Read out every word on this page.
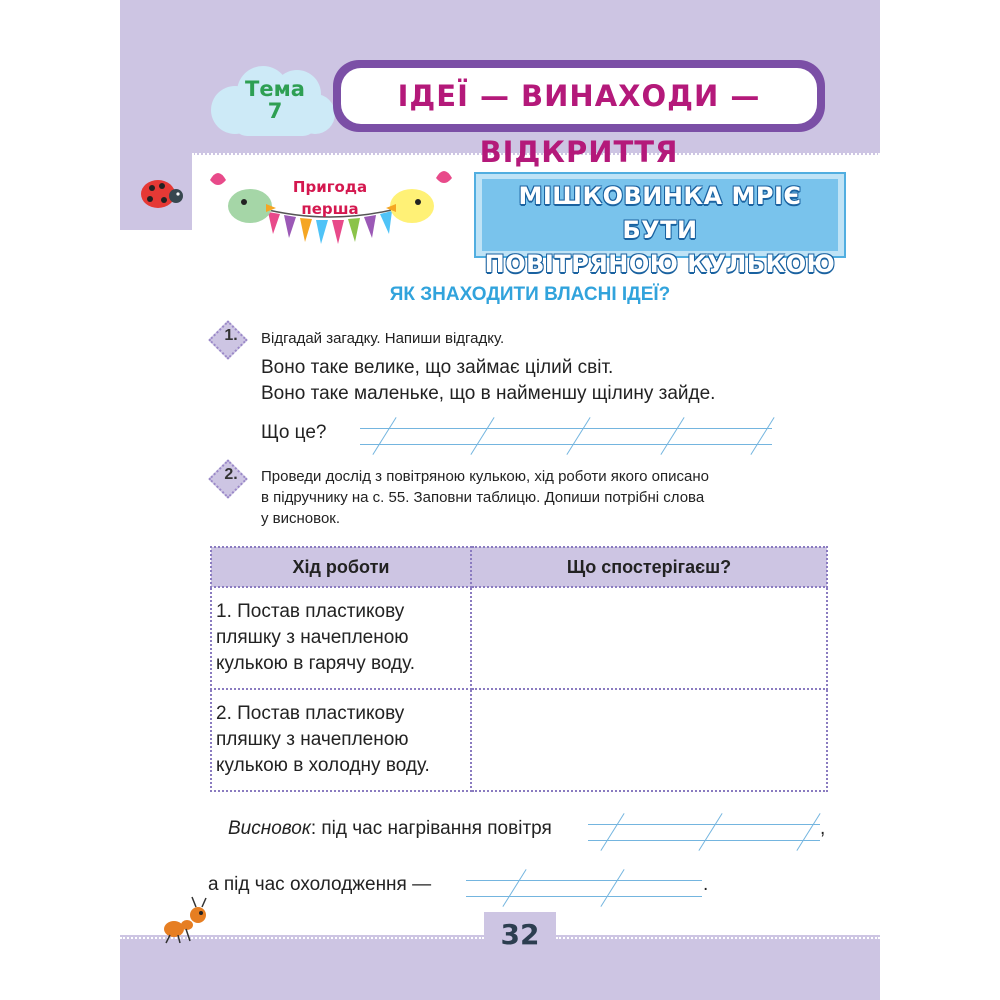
Тема
7	ІДЕЇ — ВИНАХОДИ — ВІДКРИТТЯ
Пригода
перша	МІШКОВИНКА МРІЄ БУТИ
ПОВІТРЯНОЮ КУЛЬКОЮ
ЯК ЗНАХОДИТИ ВЛАСНІ ІДЕЇ?
1.	Відгадай загадку. Напиши відгадку.
Воно таке велике, що займає цілий світ.
Воно таке маленьке, що в найменшу щілину зайде.
Що це?
2.	Проведи дослід з повітряною кулькою, хід роботи якого описано
в підручнику на с. 55. Заповни таблицю. Допиши потрібні слова
у висновок.
Хід роботи	Що спостерігаєш?

1. Постав пластикову
пляшку з начепленою
кулькою в гарячу воду.	

2. Постав пластикову
пляшку з начепленою
кулькою в холодну воду.	

Висновок: під час нагрівання повітря	,
а під час охолодження —	.
32
